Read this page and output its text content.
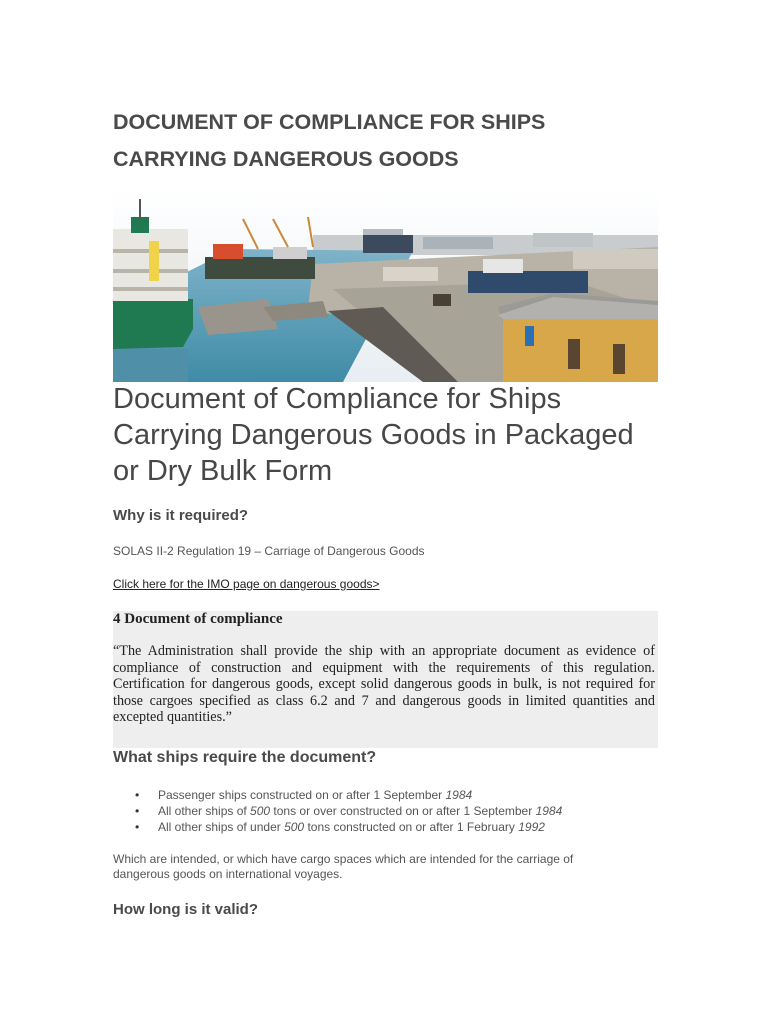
DOCUMENT OF COMPLIANCE FOR SHIPS
CARRYING DANGEROUS GOODS
Document of Compliance for Ships Carrying Dangerous Goods in Packaged or Dry Bulk Form
Why is it required?

SOLAS II-2 Regulation 19 – Carriage of Dangerous Goods

Click here for the IMO page on dangerous goods>

4 Document of compliance

“The Administration shall provide the ship with an appropriate document as evidence of compliance of construction and equipment with the requirements of this regulation. Certification for dangerous goods, except solid dangerous goods in bulk, is not required for those cargoes specified as class 6.2 and 7 and dangerous goods in limited quantities and excepted quantities.”

What ships require the document?
• Passenger ships constructed on or after 1 September 1984
• All other ships of 500 tons or over constructed on or after 1 September 1984
• All other ships of under 500 tons constructed on or after 1 February 1992

Which are intended, or which have cargo spaces which are intended for the carriage of dangerous goods on international voyages.

How long is it valid?
